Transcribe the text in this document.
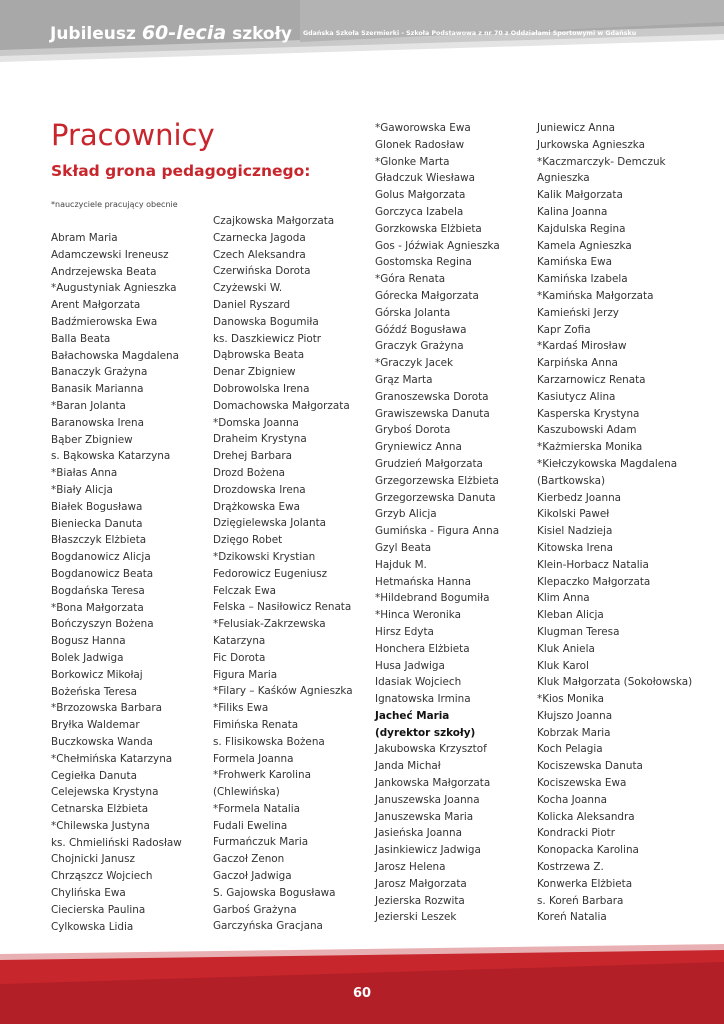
Jubileusz 60-lecia szkoły Gdańska Szkoła Szermierki - Szkoła Podstawowa z nr 70 z Oddziałami Sportowymi w Gdańsku
Pracownicy
Skład grona pedagogicznego:
*nauczyciele pracujący obecnie
Abram Maria
Adamczewski Ireneusz
Andrzejewska Beata
*Augustyniak Agnieszka
Arent Małgorzata
Badźmierowska Ewa
Balla Beata
Bałachowska Magdalena
Banaczyk Grażyna
Banasik Marianna
*Baran Jolanta
Baranowska Irena
Bąber Zbigniew
s. Bąkowska Katarzyna
*Białas Anna
*Biały Alicja
Białek Bogusława
Bieniecka Danuta
Błaszczyk Elżbieta
Bogdanowicz Alicja
Bogdanowicz Beata
Bogdańska Teresa
*Bona Małgorzata
Bończyszyn Bożena
Bogusz Hanna
Bolek Jadwiga
Borkowicz Mikołaj
Bożeńska Teresa
*Brzozowska Barbara
Bryłka Waldemar
Buczkowska Wanda
*Chełmińska Katarzyna
Cegiełka Danuta
Celejewska Krystyna
Cetnarska Elżbieta
*Chilewska Justyna
ks. Chmieliński Radosław
Chojnicki Janusz
Chrząszcz Wojciech
Chylińska Ewa
Ciecierska Paulina
Cylkowska Lidia
Czajkowska Małgorzata
Czarnecka Jagoda
Czech Aleksandra
Czerwińska Dorota
Czyżewski W.
Daniel Ryszard
Danowska Bogumiła
ks. Daszkiewicz Piotr
Dąbrowska Beata
Denar Zbigniew
Dobrowolska Irena
Domachowska Małgorzata
*Domska Joanna
Draheim Krystyna
Drehej Barbara
Drozd Bożena
Drozdowska Irena
Drążkowska Ewa
Dzięgielewska Jolanta
Dzięgo Robet
*Dzikowski Krystian
Fedorowicz Eugeniusz
Felczak Ewa
Felska – Nasiłowicz Renata
*Felusiak-Zakrzewska
Katarzyna
Fic Dorota
Figura Maria
*Filary – Kaśków Agnieszka
*Filiks Ewa
Fimińska Renata
s. Flisikowska Bożena
Formela Joanna
*Frohwerk Karolina
(Chlewińska)
*Formela Natalia
Fudali Ewelina
Furmańczuk Maria
Gaczoł Zenon
Gaczoł Jadwiga
S. Gajowska Bogusława
Garboś Grażyna
Garczyńska Gracjana
*Gaworowska Ewa
Glonek Radosław
*Glonke Marta
Gładczuk Wiesława
Golus Małgorzata
Gorczyca Izabela
Gorzkowska Elżbieta
Gos - Jóźwiak Agnieszka
Gostomska Regina
*Góra Renata
Górecka Małgorzata
Górska Jolanta
Góźdź Bogusława
Graczyk Grażyna
*Graczyk Jacek
Grąz Marta
Granoszewska Dorota
Grawiszewska Danuta
Gryboś Dorota
Gryniewicz Anna
Grudzień Małgorzata
Grzegorzewska Elżbieta
Grzegorzewska Danuta
Grzyb Alicja
Gumińska - Figura Anna
Gzyl Beata
Hajduk M.
Hetmańska Hanna
*Hildebrand Bogumiła
*Hinca Weronika
Hirsz Edyta
Honchera Elżbieta
Husa Jadwiga
Idasiak Wojciech
Ignatowska Irmina
Jacheć Maria
(dyrektor szkoły)
Jakubowska Krzysztof
Janda Michał
Jankowska Małgorzata
Januszewska Joanna
Januszewska Maria
Jasieńska Joanna
Jasinkiewicz Jadwiga
Jarosz Helena
Jarosz Małgorzata
Jezierska Rozwita
Jezierski Leszek
Juniewicz Anna
Jurkowska Agnieszka
*Kaczmarczyk- Demczuk
Agnieszka
Kalik Małgorzata
Kalina Joanna
Kajdulska Regina
Kamela Agnieszka
Kamińska Ewa
Kamińska Izabela
*Kamińska Małgorzata
Kamieński Jerzy
Kapr Zofia
*Kardaś Mirosław
Karpińska Anna
Karzarnowicz Renata
Kasiutycz Alina
Kasperska Krystyna
Kaszubowski Adam
*Każmierska Monika
*Kiełczykowska Magdalena
(Bartkowska)
Kierbedz Joanna
Kikolski Paweł
Kisiel Nadzieja
Kitowska Irena
Klein-Horbacz Natalia
Klepaczko Małgorzata
Klim Anna
Kleban Alicja
Klugman Teresa
Kluk Aniela
Kluk Karol
Kluk Małgorzata (Sokołowska)
*Kios Monika
Kłujszo Joanna
Kobrzak Maria
Koch Pelagia
Kociszewska Danuta
Kociszewska Ewa
Kocha Joanna
Kolicka Aleksandra
Kondracki Piotr
Konopacka Karolina
Kostrzewa Z.
Konwerka Elżbieta
s. Koreń Barbara
Koreń Natalia
60
